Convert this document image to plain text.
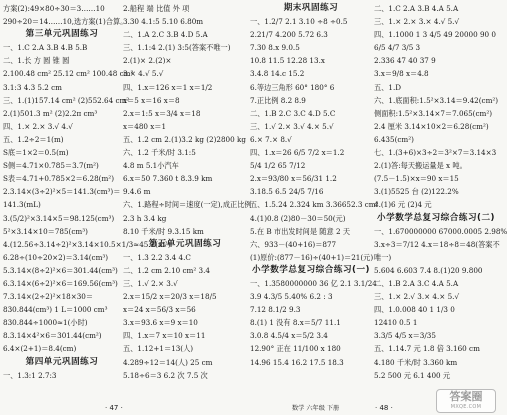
方案(2):49×80÷30＝3……10
290÷20＝14……10,选方案(1)合算。
第三单元巩固练习
一、1.C 2.A 3.B 4.B 5.B
二、1.长 方 圆 锥 圆
2.100.48 cm² 25.12 cm² 100.48 cm²
3.1:3 4.3 5.2 cm
三、1.(1)157.14 cm² (2)552.64 cm²
2.(1)501.3 m² (2)2.2π cm³
四、1.× 2.× 3.√ 4.√
五、1.2÷2＝1(m)
S底＝1×2＝0.5(m)
S侧＝4.71×0.785＝3.7(m²)
S表＝4.71+0.785×2＝6.28(m²)
2.3.14×(3÷2)²×5＝141.3(cm³)＝
141.3(mL)
3.(5/2)²×3.14×5＝98.125(cm³)
5²×3.14×10＝785(cm³)
4.(12.56÷3.14÷2)²×3.14×10.5×1/3≈45.2(m³)
6.28÷(10÷20×2)＝3.14(cm³)
5.3.14×(8÷2)²×6＝301.44(cm³)
6.3.14×(6÷2)²×6＝169.56(cm³)
7.3.14×(2÷2)²×18×30＝
830.844(cm³) 1 L＝1000 cm³
830.844÷1000≈1(小时)
8.3.14×4²×6＝301.44(cm²)
6.4×(2+1)＝8.4(cm)
第四单元巩固练习
一、1.3:1 2.7:3
2.船程 端 比值 外 项
3.30 4.1:5 5.10 6.80m
二、1.A 2.C 3.B 4.D 5.A
三、1.1:4 2.(1) 3:5(答案不唯一)
2.(1)× 2.(2)×
3.× 4.√ 5.√
四、1.x＝126 x＝1 x＝1/2
x＝5 x＝16 x＝8
2.x＝1:5 x＝3/4 x＝18
x＝480 x＝1
五、1.2 cm 2.(1)3.2 kg (2)2800 kg
六、1.2 千米/时 3.1:5
4.8 m 5.1小汽车
6.x＝50 7.360 t 8.3.9 km
9.4.6 m
六、1.路程÷时间＝速度(一定),成正比例
2.3 h 3.4 kg
8.10 千米/时 9.3.15 km
第五单元巩固练习
一、1.3 2.2 3.4 4.C
二、1.2 cm 2.10 cm² 3.4
三、1.√ 2.× 3.√
2.x＝15/2 x＝20/3 x＝18/5
x＝24 x＝56/3 x＝56
3.x＝93.6 x＝9 x＝10
四、1.x＝7 x＝10 x＝11
五、1.12+1＝13(人)
4.289÷12＝14(人) 25 cm
5.18÷6＝3 6.2 次 7.5 次
期末巩固练习
一、1.2/7 2.1 3.10 ÷8 ÷0.5
2.21/7 4.200 5.72 6.3
7.30 8.x 9.0.5
10.8 11.5 12.28 13.x
3.4.8 14.c 15.2
6.等边三角形 60° 180° 6
7.正比例 8.2 8.9
二、1.B 2.C 3.C 4.D 5.C
三、1.√ 2.× 3.√ 4.× 5.√
6.× 7.× 8.√
四、1.x＝26 6/5 7/2 x＝1.2
5/4 1/2 65 7/12
2.x＝93/80 x＝56/31 1.2
3.18.5 6.5 24/5 7/16
五、1.5.24 2.324 km 3.36652.3 cm³
4.(1)0.8 (2)80－30＝50(元)
5.在 B 市出发时间是 随意 2 天
六、933－(40+16)＝877
(1)原价:(877－16)÷(40+1)＝21(元)
小学数学总复习综合练习(一)
一、1.3580000000 36 亿 2.1 3.1/24
3.9 4.3/5 5.40% 6.2 : 3
7.12 8.1/2 9.3
8.(1) 1 没有 8.x＝5/7 11.1
3.0.8 4.5/4 x＝5/2 3.4
12.90° 正在 11/100 x 180
14.96 15.4 16.2 17.5 18.3
二、1.C 2.A 3.B 4.A 5.A
三、1.× 2.× 3.× 4.√ 5.√
四、1.1000 1 3 4/5 49 20000 90 0
6/5 4/7 3/5 3
2.336 47 40 37 9
3.x＝9/8 x＝4.8
五、1.D
六、1.底面积:1.5²×3.14＝9.42(cm²)
侧面积:1.5²×3.14×7＝7.065(cm²)
2.4 厘米 3.14×10×2＝6.28(cm²)
6.435(cm²)
七、1.(3+6)×3÷2＝3²×7＝3.14×3
2.(1)答:每天搬运量是 x 吨。
(7.5－1.5)×x＝90 x＝15
3.(1)5525 台 (2)122.2%
4.(1)6 元 (2)4 元
小学数学总复习综合练习(二)
一、1.670000000 67000.0005 2.98%
3.x÷3＝7/12 4.x＝18÷8＝48(答案不
唯一)
5.604 6.603 7.4 8.(1)20 9.800
二、1.B 2.A 3.C 4.A 5.A
三、1.× 2.√ 3.× 4.× 5.√
四、1.0.008 40 1 1/3 0
12410 0.5 1
3.3/5 4/5 x＝3/35
五、1.14.7 元 1.8 倍 3.160 cm
4.180 千米/时 3.360 km
5.2 500 元 6.1 400 元
· 47 ·	数学 六年级 下册	· 48 ·
答案圈
MXQE.COM
